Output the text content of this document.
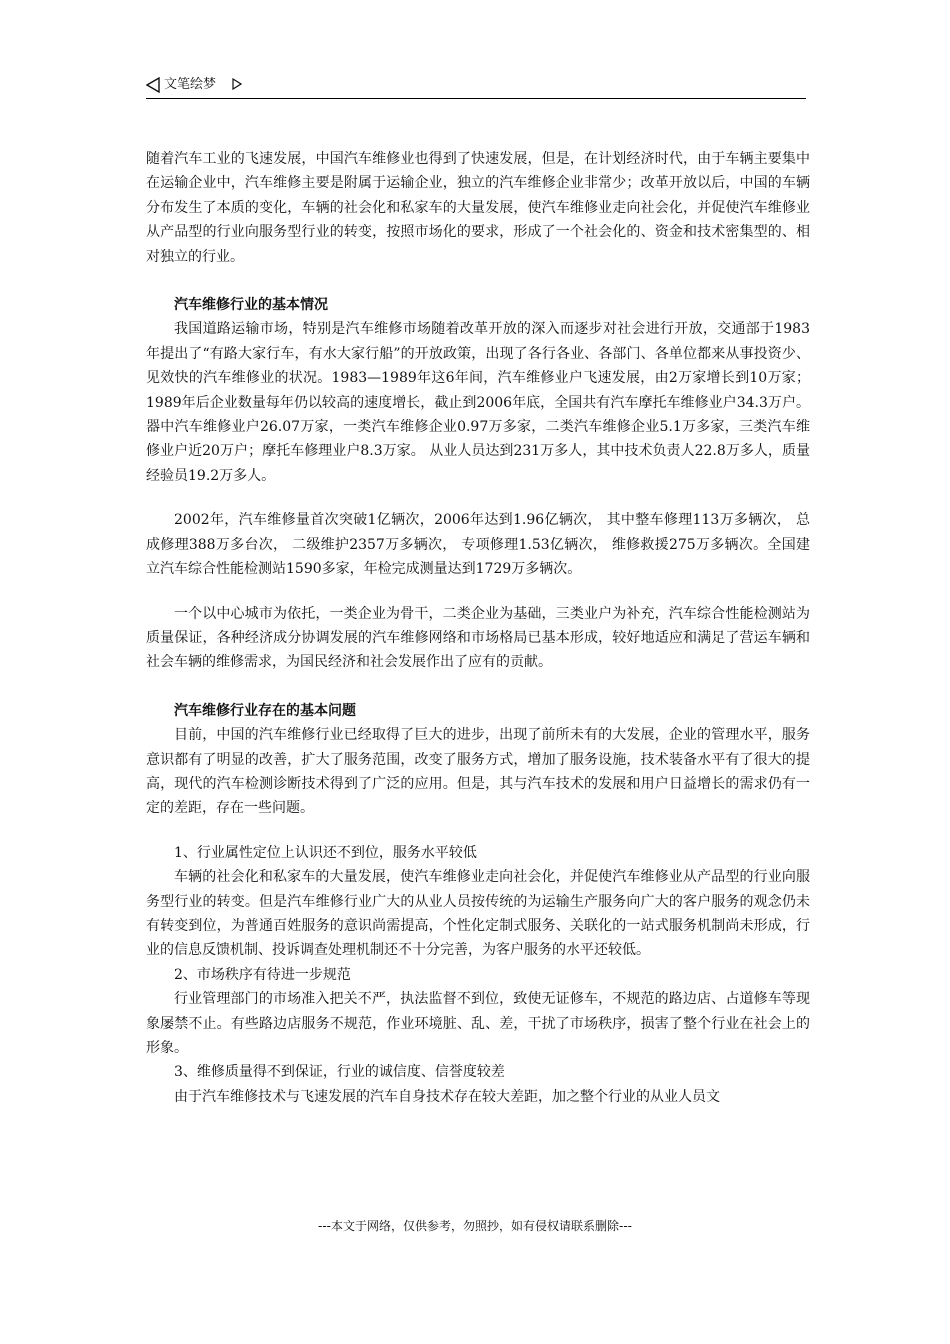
文笔绘梦

随着汽车工业的飞速发展，中国汽车维修业也得到了快速发展，但是，在计划经济时代，由于车辆主要集中在运输企业中，汽车维修主要是附属于运输企业，独立的汽车维修企业非常少；改革开放以后，中国的车辆分布发生了本质的变化，车辆的社会化和私家车的大量发展，使汽车维修业走向社会化，并促使汽车维修业从产品型的行业向服务型行业的转变，按照市场化的要求，形成了一个社会化的、资金和技术密集型的、相对独立的行业。

汽车维修行业的基本情况

我国道路运输市场，特别是汽车维修市场随着改革开放的深入而逐步对社会进行开放，交通部于1983年提出了“有路大家行车，有水大家行船”的开放政策，出现了各行各业、各部门、各单位都来从事投资少、见效快的汽车维修业的状况。1983—1989年这6年间，汽车维修业户飞速发展，由2万家增长到10万家；1989年后企业数量每年仍以较高的速度增长，截止到2006年底，全国共有汽车摩托车维修业户34.3万户。器中汽车维修业户26.07万家，一类汽车维修企业0.97万多家，二类汽车维修企业5.1万多家，三类汽车维修业户近20万户；摩托车修理业户8.3万家。 从业人员达到231万多人，其中技术负责人22.8万多人，质量经验员19.2万多人。

2002年，汽车维修量首次突破1亿辆次，2006年达到1.96亿辆次， 其中整车修理113万多辆次， 总成修理388万多台次， 二级维护2357万多辆次， 专项修理1.53亿辆次， 维修救援275万多辆次。全国建立汽车综合性能检测站1590多家，年检完成测量达到1729万多辆次。

一个以中心城市为依托，一类企业为骨干，二类企业为基础，三类业户为补充，汽车综合性能检测站为质量保证，各种经济成分协调发展的汽车维修网络和市场格局已基本形成，较好地适应和满足了营运车辆和社会车辆的维修需求，为国民经济和社会发展作出了应有的贡献。

汽车维修行业存在的基本问题

目前，中国的汽车维修行业已经取得了巨大的进步，出现了前所未有的大发展，企业的管理水平，服务意识都有了明显的改善，扩大了服务范围，改变了服务方式，增加了服务设施，技术装备水平有了很大的提高，现代的汽车检测诊断技术得到了广泛的应用。但是，其与汽车技术的发展和用户日益增长的需求仍有一定的差距，存在一些问题。

1、行业属性定位上认识还不到位，服务水平较低

车辆的社会化和私家车的大量发展，使汽车维修业走向社会化，并促使汽车维修业从产品型的行业向服务型行业的转变。但是汽车维修行业广大的从业人员按传统的为运输生产服务向广大的客户服务的观念仍未有转变到位，为普通百姓服务的意识尚需提高，个性化定制式服务、关联化的一站式服务机制尚未形成，行业的信息反馈机制、投诉调查处理机制还不十分完善，为客户服务的水平还较低。

2、市场秩序有待进一步规范

行业管理部门的市场准入把关不严，执法监督不到位，致使无证修车，不规范的路边店、占道修车等现象屡禁不止。有些路边店服务不规范，作业环境脏、乱、差，干扰了市场秩序，损害了整个行业在社会上的形象。

3、维修质量得不到保证，行业的诚信度、信誉度较差

由于汽车维修技术与飞速发展的汽车自身技术存在较大差距，加之整个行业的从业人员文

---本文于网络，仅供参考，勿照抄，如有侵权请联系删除---
